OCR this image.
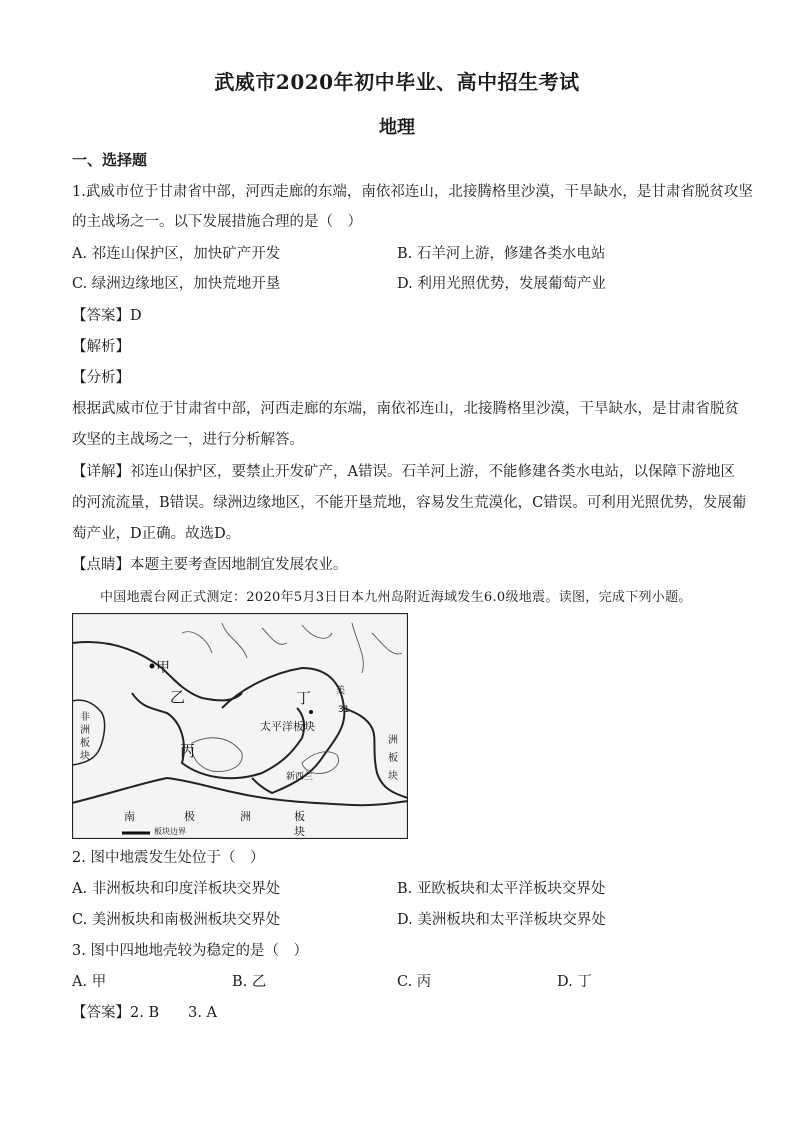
武威市2020年初中毕业、高中招生考试
地理
一、选择题
1.武威市位于甘肃省中部，河西走廊的东端，南依祁连山，北接腾格里沙漠，干旱缺水，是甘肃省脱贫攻坚
的主战场之一。以下发展措施合理的是（　）
A. 祁连山保护区，加快矿产开发	B. 石羊河上游，修建各类水电站
C. 绿洲边缘地区，加快荒地开垦	D. 利用光照优势，发展葡萄产业
【答案】D
【解析】
【分析】
根据武威市位于甘肃省中部，河西走廊的东端，南依祁连山，北接腾格里沙漠，干旱缺水，是甘肃省脱贫
攻坚的主战场之一，进行分析解答。
【详解】祁连山保护区，要禁止开发矿产，A错误。石羊河上游，不能修建各类水电站，以保障下游地区
的河流流量，B错误。绿洲边缘地区，不能开垦荒地，容易发生荒漠化，C错误。可利用光照优势，发展葡
萄产业，D正确。故选D。
【点睛】本题主要考查因地制宜发展农业。
中国地震台网正式测定：2020年5月3日日本九州岛附近海域发生6.0级地震。读图，完成下列小题。
甲
乙
丙
丁
太平洋板块
美
31
洲
板
块
非
洲
板
块
新西兰
南	极	洲	板
块
板块边界
2. 图中地震发生处位于（　）
A. 非洲板块和印度洋板块交界处	B. 亚欧板块和太平洋板块交界处
C. 美洲板块和南极洲板块交界处	D. 美洲板块和太平洋板块交界处
3. 图中四地地壳较为稳定的是（　）
A. 甲	B. 乙	C. 丙	D. 丁
【答案】2. B　　3. A
